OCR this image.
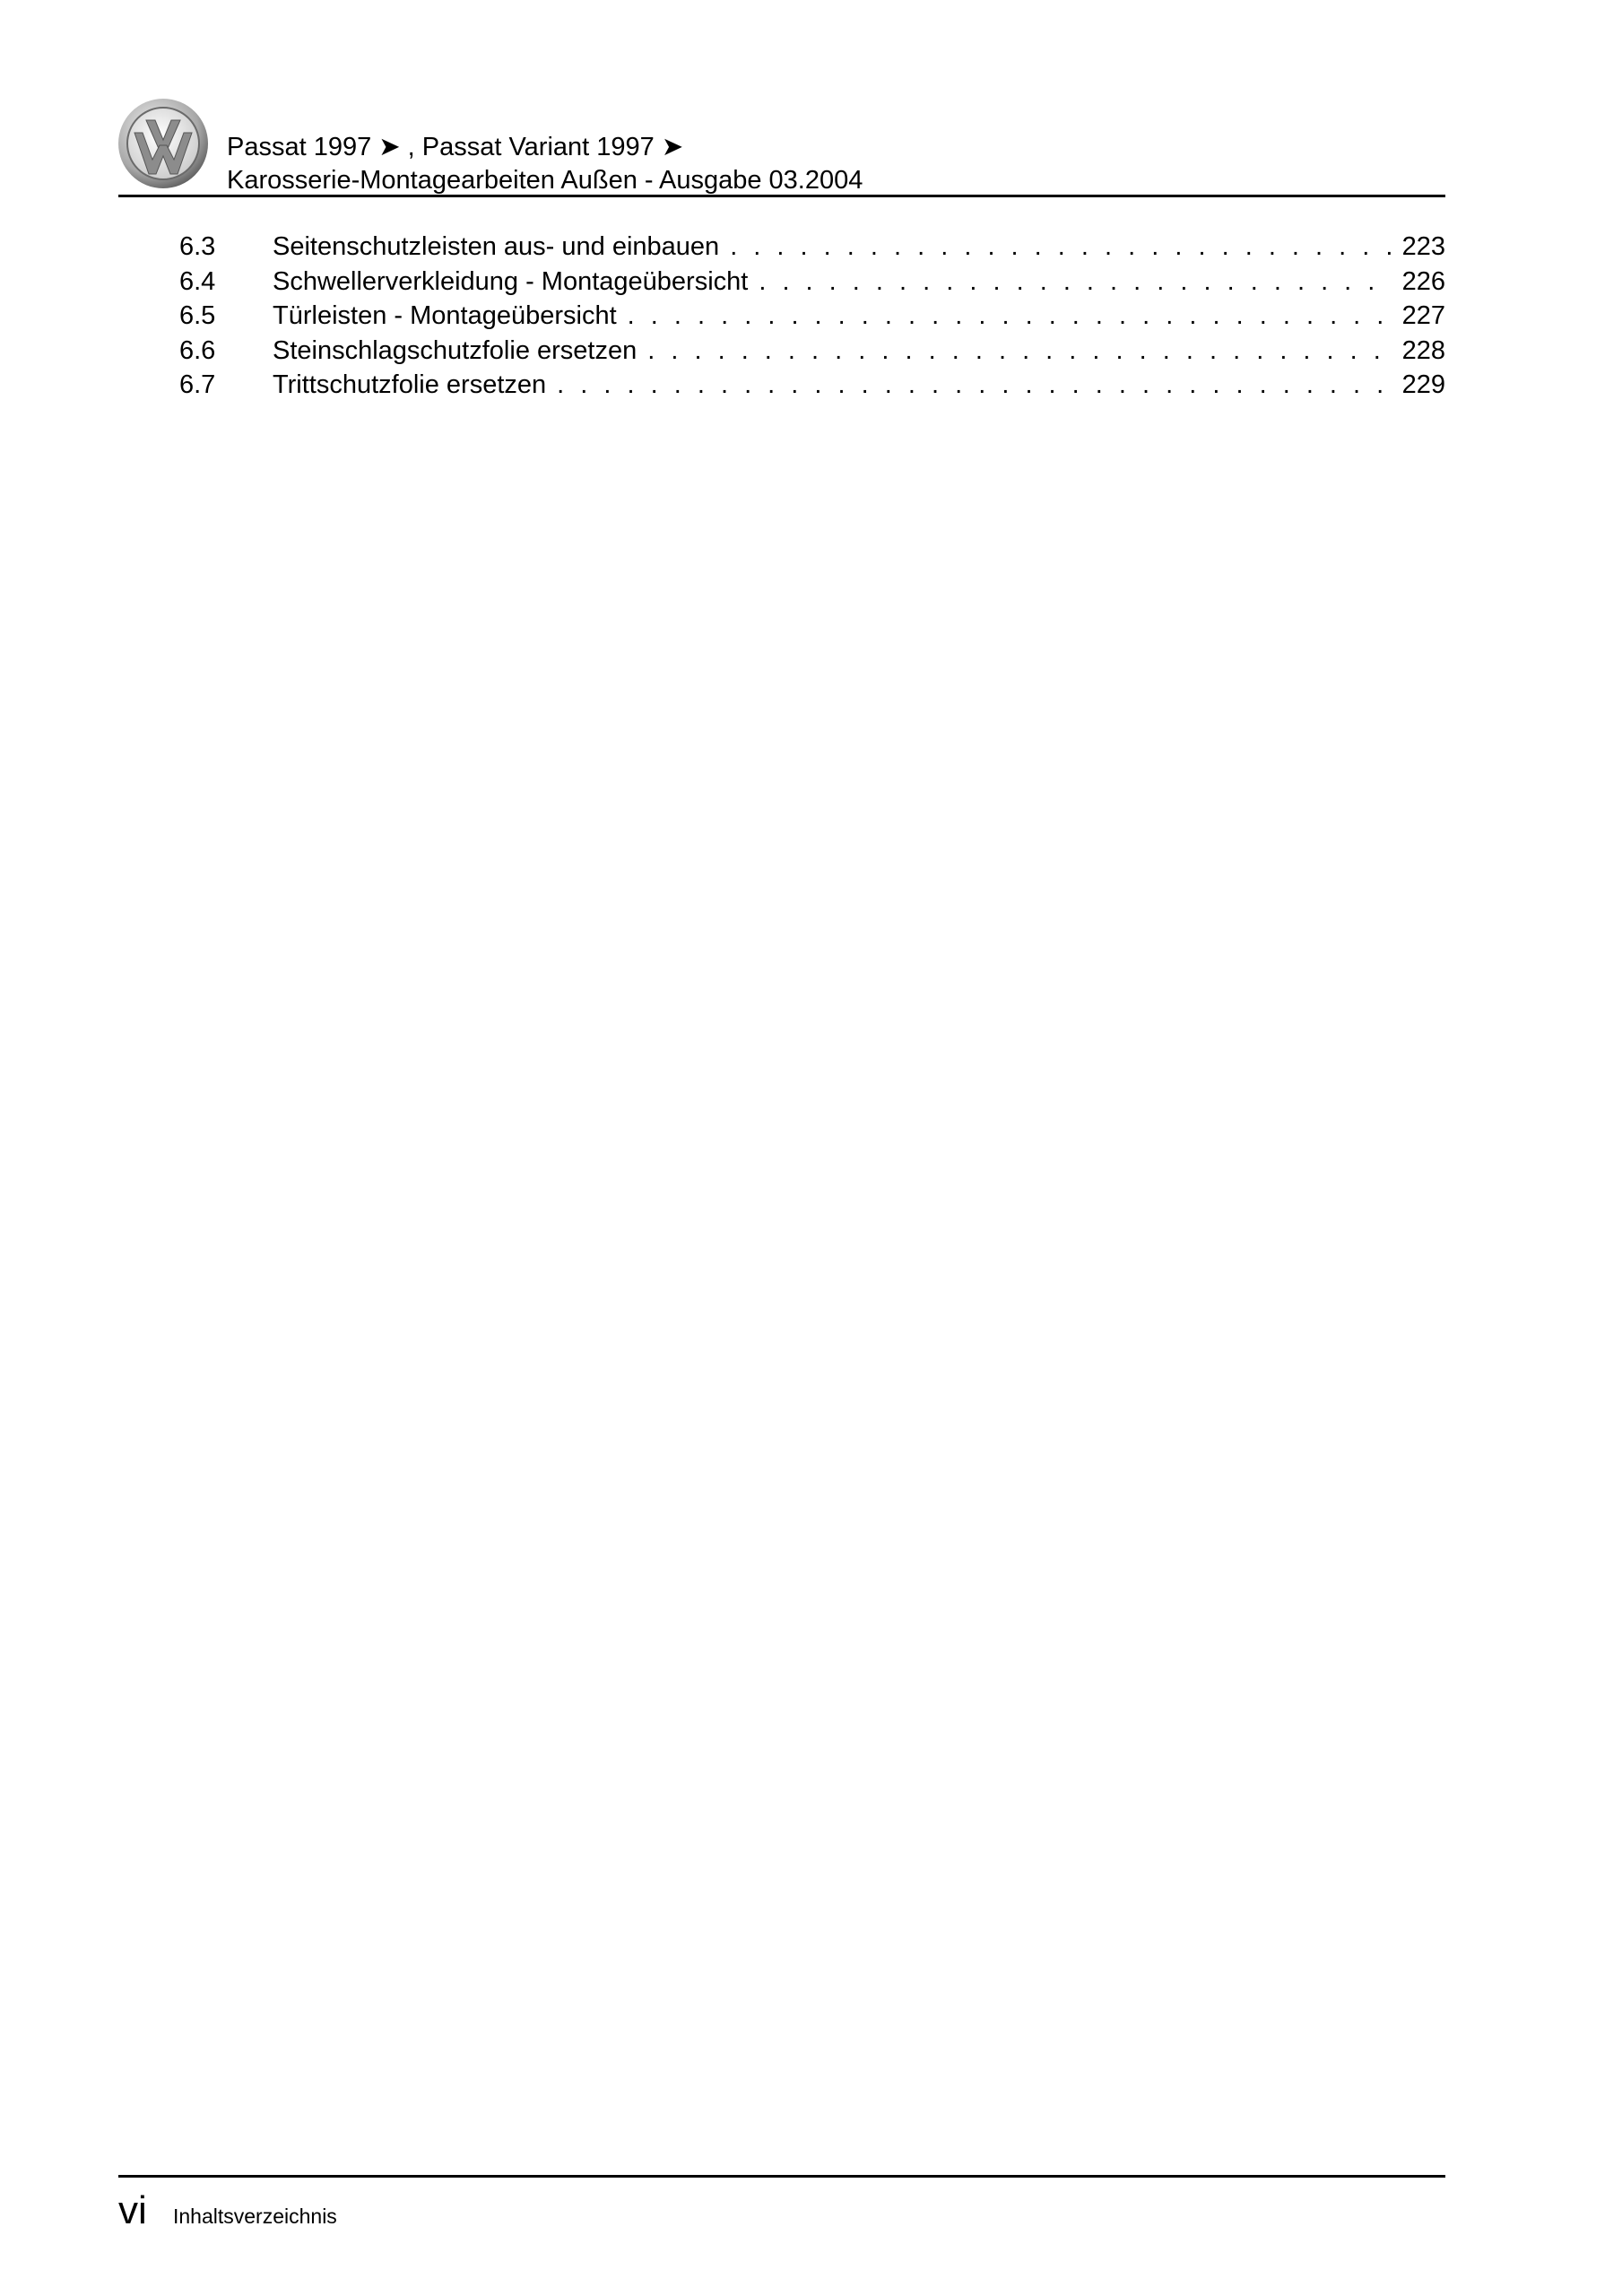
Passat 1997 ➤ , Passat Variant 1997 ➤
Karosserie-Montagearbeiten Außen - Ausgabe 03.2004
6.3	Seitenschutzleisten aus- und einbauen . . .	223
6.4	Schwellerverkleidung - Montageübersicht . . .	226
6.5	Türleisten - Montageübersicht . . .	227
6.6	Steinschlagschutzfolie ersetzen . . .	228
6.7	Trittschutzfolie ersetzen . . .	229
vi Inhaltsverzeichnis
